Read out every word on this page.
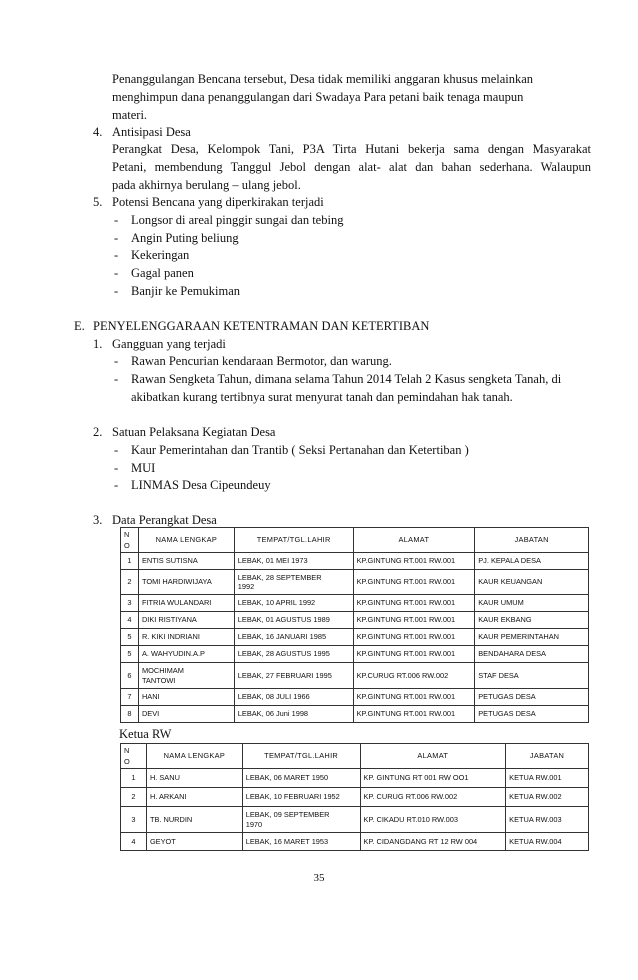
Penanggulangan Bencana tersebut, Desa tidak memiliki anggaran khusus melainkan
menghimpun dana penanggulangan dari Swadaya Para petani baik tenaga maupun
materi.
4. Antisipasi Desa
Perangkat Desa, Kelompok Tani, P3A Tirta Hutani bekerja sama dengan Masyarakat
Petani, membendung Tanggul Jebol dengan alat- alat dan bahan sederhana. Walaupun
pada akhirnya berulang – ulang jebol.
5. Potensi Bencana yang diperkirakan terjadi
- Longsor di areal pinggir sungai dan tebing
- Angin Puting beliung
- Kekeringan
- Gagal panen
- Banjir ke Pemukiman
E. PENYELENGGARAAN KETENTRAMAN DAN KETERTIBAN
1. Gangguan yang terjadi
- Rawan Pencurian kendaraan Bermotor, dan warung.
- Rawan Sengketa Tahun, dimana selama Tahun 2014 Telah 2 Kasus sengketa Tanah, di
akibatkan kurang tertibnya surat menyurat tanah dan pemindahan hak tanah.
2. Satuan Pelaksana Kegiatan Desa
- Kaur Pemerintahan dan Trantib ( Seksi Pertanahan dan Ketertiban )
- MUI
- LINMAS Desa Cipeundeuy
3. Data Perangkat Desa
N
O	NAMA LENGKAP	TEMPAT/TGL.LAHIR	ALAMAT	JABATAN
1	ENTIS SUTISNA	LEBAK, 01 MEI 1973	KP.GINTUNG RT.001 RW.001	PJ. KEPALA DESA
2	TOMI HARDIWIJAYA	LEBAK, 28 SEPTEMBER
1992	KP.GINTUNG RT.001 RW.001	KAUR KEUANGAN
3	FITRIA WULANDARI	LEBAK, 10 APRIL 1992	KP.GINTUNG RT.001 RW.001	KAUR UMUM
4	DIKI RISTIYANA	LEBAK, 01 AGUSTUS 1989	KP.GINTUNG RT.001 RW.001	KAUR EKBANG
5	R. KIKI INDRIANI	LEBAK, 16 JANUARI 1985	KP.GINTUNG RT.001 RW.001	KAUR PEMERINTAHAN
5	A. WAHYUDIN.A.P	LEBAK, 28 AGUSTUS 1995	KP.GINTUNG RT.001 RW.001	BENDAHARA DESA
6	MOCHIMAM
TANTOWI	LEBAK, 27 FEBRUARI 1995	KP.CURUG RT.006 RW.002	STAF DESA
7	HANI	LEBAK, 08 JULI 1966	KP.GINTUNG RT.001 RW.001	PETUGAS DESA
8	DEVI	LEBAK, 06 Juni 1998	KP.GINTUNG RT.001 RW.001	PETUGAS DESA
Ketua RW
N
O	NAMA LENGKAP	TEMPAT/TGL.LAHIR	ALAMAT	JABATAN
1	H. SANU	LEBAK, 06 MARET 1950	KP. GINTUNG RT 001 RW OO1	KETUA RW.001
2	H. ARKANI	LEBAK, 10 FEBRUARI 1952	KP. CURUG RT.006 RW.002	KETUA RW.002
3	TB. NURDIN	LEBAK, 09 SEPTEMBER
1970	KP. CIKADU RT.010 RW.003	KETUA RW.003
4	GEYOT	LEBAK, 16 MARET 1953	KP. CIDANGDANG RT 12 RW 004	KETUA RW.004
35
